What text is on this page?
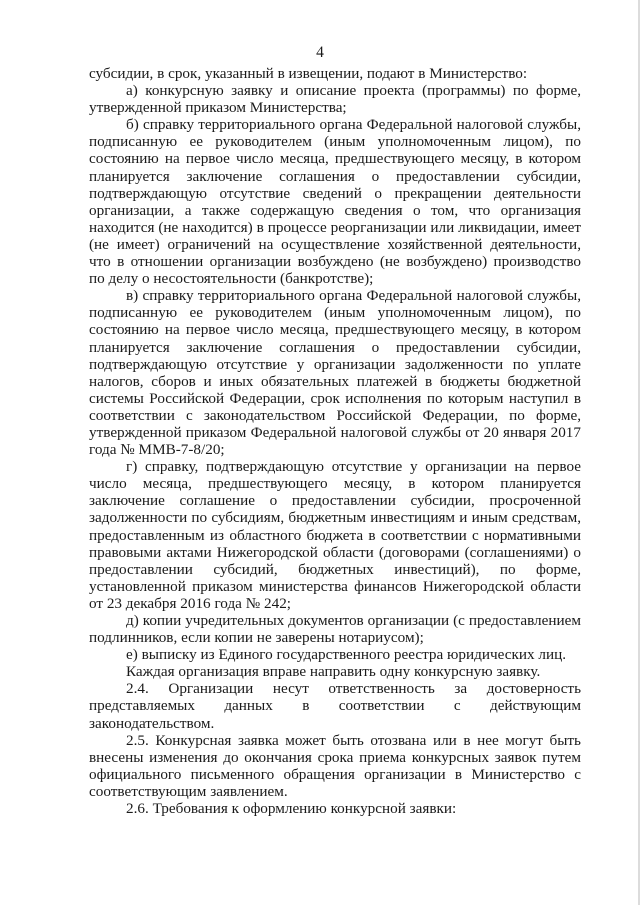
4

субсидии, в срок, указанный в извещении, подают в Министерство:

а) конкурсную заявку и описание проекта (программы) по форме, утвержденной приказом Министерства;

б) справку территориального органа Федеральной налоговой службы, подписанную ее руководителем (иным уполномоченным лицом), по состоянию на первое число месяца, предшествующего месяцу, в котором планируется заключение соглашения о предоставлении субсидии, подтверждающую отсутствие сведений о прекращении деятельности организации, а также содержащую сведения о том, что организация находится (не находится) в процессе реорганизации или ликвидации, имеет (не имеет) ограничений на осуществление хозяйственной деятельности, что в отношении организации возбуждено (не возбуждено) производство по делу о несостоятельности (банкротстве);

в) справку территориального органа Федеральной налоговой службы, подписанную ее руководителем (иным уполномоченным лицом), по состоянию на первое число месяца, предшествующего месяцу, в котором планируется заключение соглашения о предоставлении субсидии, подтверждающую отсутствие у организации задолженности по уплате налогов, сборов и иных обязательных платежей в бюджеты бюджетной системы Российской Федерации, срок исполнения по которым наступил в соответствии с законодательством Российской Федерации, по форме, утвержденной приказом Федеральной налоговой службы от 20 января 2017 года № ММВ-7-8/20;

г) справку, подтверждающую отсутствие у организации на первое число месяца, предшествующего месяцу, в котором планируется заключение соглашение о предоставлении субсидии, просроченной задолженности по субсидиям, бюджетным инвестициям и иным средствам, предоставленным из областного бюджета в соответствии с нормативными правовыми актами Нижегородской области (договорами (соглашениями) о предоставлении субсидий, бюджетных инвестиций), по форме, установленной приказом министерства финансов Нижегородской области от 23 декабря 2016 года № 242;

д) копии учредительных документов организации (с предоставлением подлинников, если копии не заверены нотариусом);

е) выписку из Единого государственного реестра юридических лиц.

Каждая организация вправе направить одну конкурсную заявку.

2.4. Организации несут ответственность за достоверность представляемых данных в соответствии с действующим законодательством.

2.5. Конкурсная заявка может быть отозвана или в нее могут быть внесены изменения до окончания срока приема конкурсных заявок путем официального письменного обращения организации в Министерство с соответствующим заявлением.

2.6. Требования к оформлению конкурсной заявки:
